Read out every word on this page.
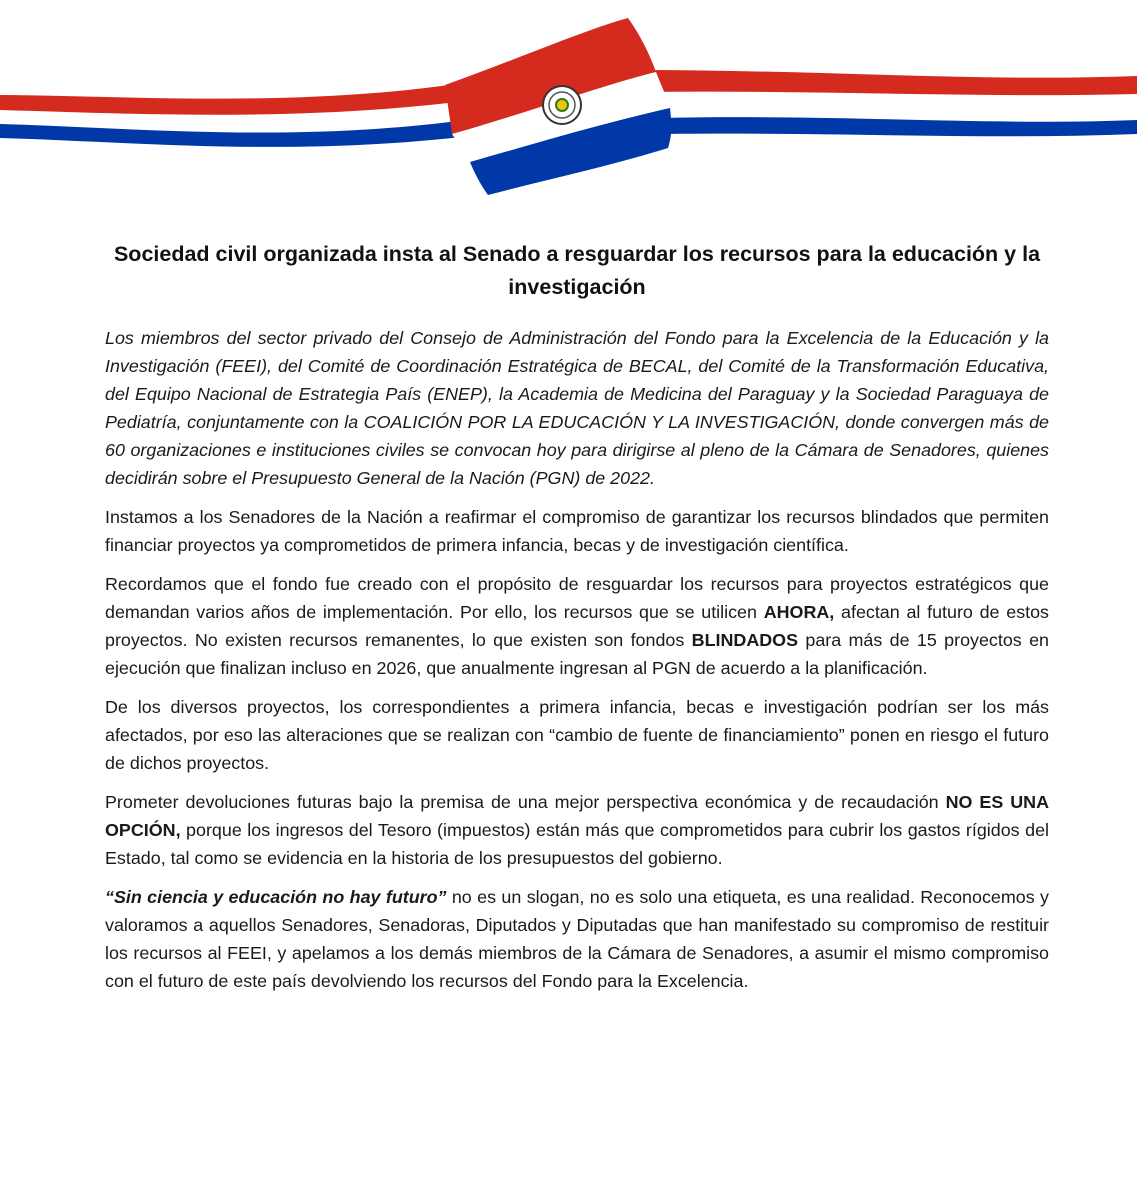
Sociedad civil organizada insta al Senado a resguardar los recursos para la educación y la investigación

Los miembros del sector privado del Consejo de Administración del Fondo para la Excelencia de la Educación y la Investigación (FEEI), del Comité de Coordinación Estratégica de BECAL, del Comité de la Transformación Educativa, del Equipo Nacional de Estrategia País (ENEP), la Academia de Medicina del Paraguay y la Sociedad Paraguaya de Pediatría, conjuntamente con la COALICIÓN POR LA EDUCACIÓN Y LA INVESTIGACIÓN, donde convergen más de 60 organizaciones e instituciones civiles se convocan hoy para dirigirse al pleno de la Cámara de Senadores, quienes decidirán sobre el Presupuesto General de la Nación (PGN) de 2022.

Instamos a los Senadores de la Nación a reafirmar el compromiso de garantizar los recursos blindados que permiten financiar proyectos ya comprometidos de primera infancia, becas y de investigación científica.

Recordamos que el fondo fue creado con el propósito de resguardar los recursos para proyectos estratégicos que demandan varios años de implementación. Por ello, los recursos que se utilicen AHORA, afectan al futuro de estos proyectos. No existen recursos remanentes, lo que existen son fondos BLINDADOS para más de 15 proyectos en ejecución que finalizan incluso en 2026, que anualmente ingresan al PGN de acuerdo a la planificación.

De los diversos proyectos, los correspondientes a primera infancia, becas e investigación podrían ser los más afectados, por eso las alteraciones que se realizan con “cambio de fuente de financiamiento” ponen en riesgo el futuro de dichos proyectos.

Prometer devoluciones futuras bajo la premisa de una mejor perspectiva económica y de recaudación NO ES UNA OPCIÓN, porque los ingresos del Tesoro (impuestos) están más que comprometidos para cubrir los gastos rígidos del Estado, tal como se evidencia en la historia de los presupuestos del gobierno.

“Sin ciencia y educación no hay futuro” no es un slogan, no es solo una etiqueta, es una realidad. Reconocemos y valoramos a aquellos Senadores, Senadoras, Diputados y Diputadas que han manifestado su compromiso de restituir los recursos al FEEI, y apelamos a los demás miembros de la Cámara de Senadores, a asumir el mismo compromiso con el futuro de este país devolviendo los recursos del Fondo para la Excelencia.
